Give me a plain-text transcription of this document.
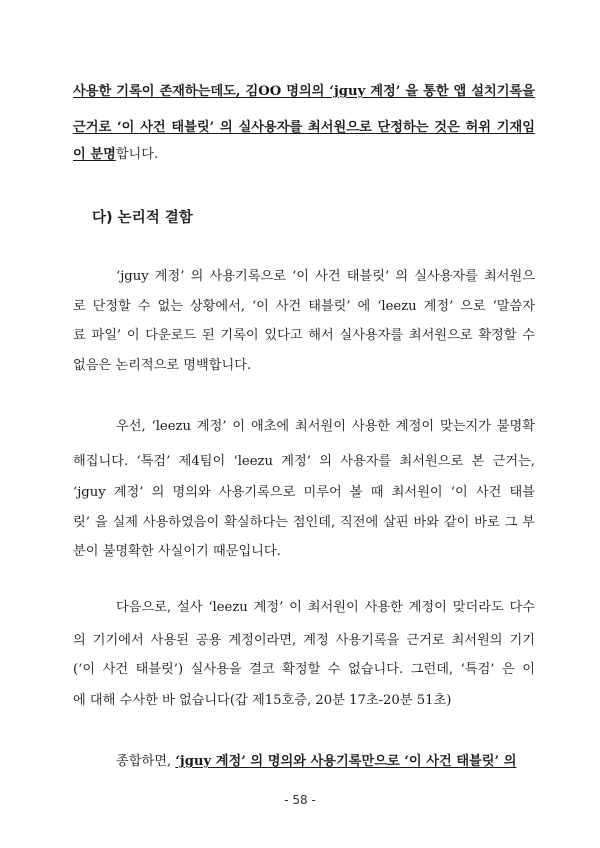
사용한 기록이 존재하는데도, 김OO 명의의 ‘jguy 계정’ 을 통한 앱 설치기록을
근거로 ‘이 사건 태블릿’ 의 실사용자를 최서원으로 단정하는 것은 허위 기재임
이 분명합니다.
다) 논리적 결함
‘jguy 계정’ 의 사용기록으로 ‘이 사건 태블릿’ 의 실사용자를 최서원으
로 단정할 수 없는 상황에서, ‘이 사건 태블릿’ 에 ‘leezu 계정’ 으로 ‘말씀자
료 파일’ 이 다운로드 된 기록이 있다고 해서 실사용자를 최서원으로 확정할 수
없음은 논리적으로 명백합니다.
우선, ‘leezu 계정’ 이 애초에 최서원이 사용한 계정이 맞는지가 불명확
해집니다. ‘특검’ 제4팀이 ‘leezu 계정’ 의 사용자를 최서원으로 본 근거는,
‘jguy 계정’ 의 명의와 사용기록으로 미루어 볼 때 최서원이 ‘이 사건 태블
릿’ 을 실제 사용하였음이 확실하다는 점인데, 직전에 살핀 바와 같이 바로 그 부
분이 불명확한 사실이기 때문입니다.
다음으로, 설사 ‘leezu 계정’ 이 최서원이 사용한 계정이 맞더라도 다수
의 기기에서 사용된 공용 계정이라면, 계정 사용기록을 근거로 최서원의 기기
(‘이 사건 태블릿’) 실사용을 결코 확정할 수 없습니다. 그런데, ‘특검’ 은 이
에 대해 수사한 바 없습니다(갑 제15호증, 20분 17초-20분 51초)
종합하면, ‘jguy 계정’ 의 명의와 사용기록만으로 ‘이 사건 태블릿’ 의
- 58 -
